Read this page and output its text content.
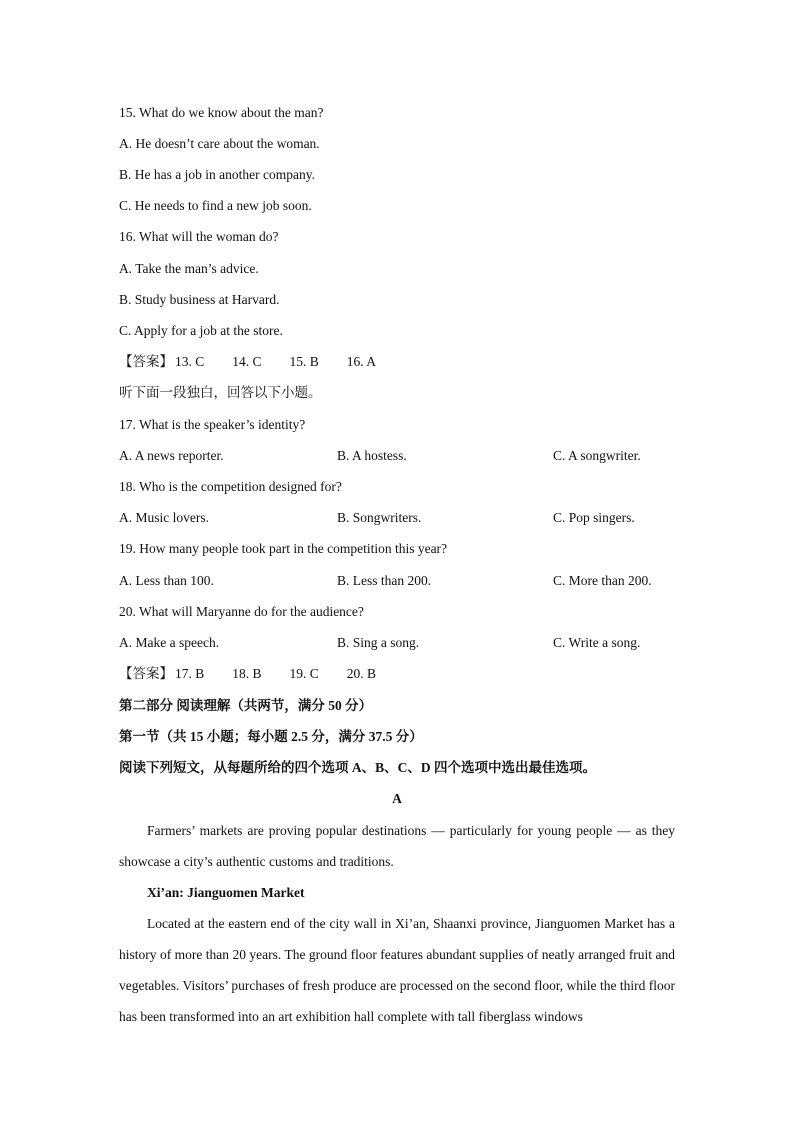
15. What do we know about the man?
A. He doesn’t care about the woman.
B. He has a job in another company.
C. He needs to find a new job soon.
16. What will the woman do?
A. Take the man’s advice.
B. Study business at Harvard.
C. Apply for a job at the store.
【答案】 13. C 14. C 15. B 16. A
听下面一段独白，回答以下小题。
17. What is the speaker’s identity?
A. A news reporter.	B. A hostess.	C. A songwriter.
18. Who is the competition designed for?
A. Music lovers.	B. Songwriters.	C. Pop singers.
19. How many people took part in the competition this year?
A. Less than 100.	B. Less than 200.	C. More than 200.
20. What will Maryanne do for the audience?
A. Make a speech.	B. Sing a song.	C. Write a song.
【答案】 17. B 18. B 19. C 20. B
第二部分 阅读理解（共两节，满分 50 分）
第一节（共 15 小题；每小题 2.5 分，满分 37.5 分）
阅读下列短文，从每题所给的四个选项 A、B、C、D 四个选项中选出最佳选项。
A
Farmers’ markets are proving popular destinations — particularly for young people — as they showcase a city’s authentic customs and traditions.
Xi’an: Jianguomen Market
Located at the eastern end of the city wall in Xi’an, Shaanxi province, Jianguomen Market has a history of more than 20 years. The ground floor features abundant supplies of neatly arranged fruit and vegetables. Visitors’ purchases of fresh produce are processed on the second floor, while the third floor has been transformed into an art exhibition hall complete with tall fiberglass windows
